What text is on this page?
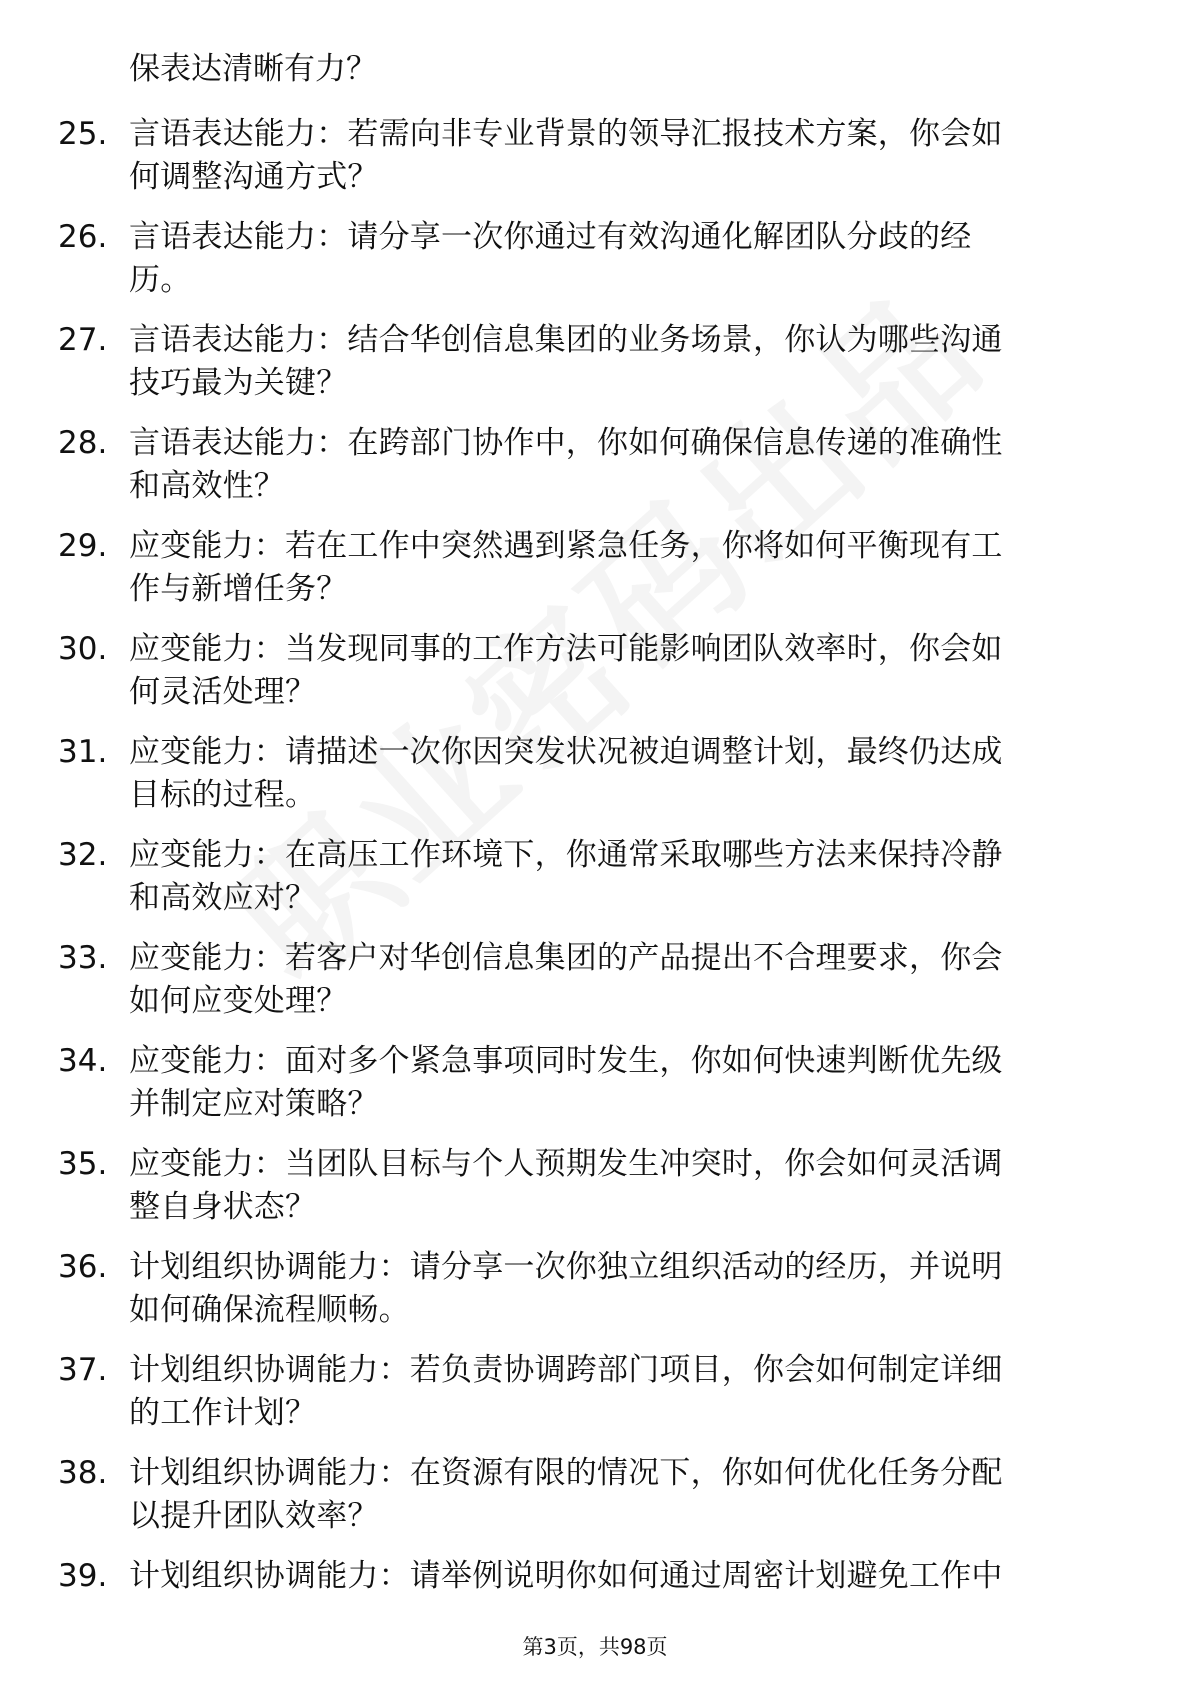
保表达清晰有力？
25. 言语表达能力：若需向非专业背景的领导汇报技术方案，你会如
何调整沟通方式？
26. 言语表达能力：请分享一次你通过有效沟通化解团队分歧的经
历。
27. 言语表达能力：结合华创信息集团的业务场景，你认为哪些沟通
技巧最为关键？
28. 言语表达能力：在跨部门协作中，你如何确保信息传递的准确性
和高效性？
29. 应变能力：若在工作中突然遇到紧急任务，你将如何平衡现有工
作与新增任务？
30. 应变能力：当发现同事的工作方法可能影响团队效率时，你会如
何灵活处理？
31. 应变能力：请描述一次你因突发状况被迫调整计划，最终仍达成
目标的过程。
32. 应变能力：在高压工作环境下，你通常采取哪些方法来保持冷静
和高效应对？
33. 应变能力：若客户对华创信息集团的产品提出不合理要求，你会
如何应变处理？
34. 应变能力：面对多个紧急事项同时发生，你如何快速判断优先级
并制定应对策略？
35. 应变能力：当团队目标与个人预期发生冲突时，你会如何灵活调
整自身状态？
36. 计划组织协调能力：请分享一次你独立组织活动的经历，并说明
如何确保流程顺畅。
37. 计划组织协调能力：若负责协调跨部门项目，你会如何制定详细
的工作计划？
38. 计划组织协调能力：在资源有限的情况下，你如何优化任务分配
以提升团队效率？
39. 计划组织协调能力：请举例说明你如何通过周密计划避免工作中
第3页，共98页
